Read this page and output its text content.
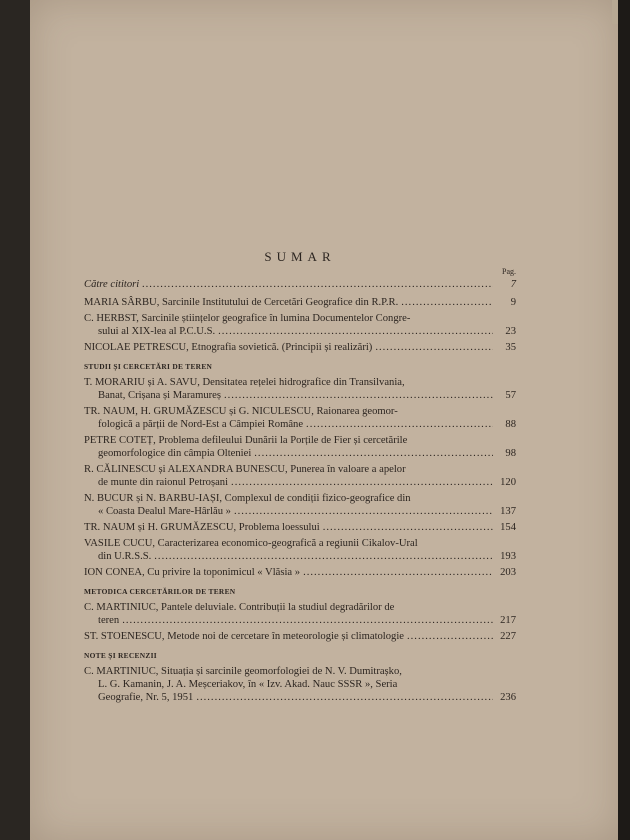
SUMAR
Pag.
Către cititori .....	7
MARIA SÂRBU, Sarcinile Institutului de Cercetări Geografice din R.P.R. .....	9
C. HERBST, Sarcinile științelor geografice în lumina Documentelor Congre-
sului al XIX-lea al P.C.U.S. .....	23
NICOLAE PETRESCU, Etnografia sovietică. (Principii și realizări) .....	35
STUDII ȘI CERCETĂRI DE TEREN
T. MORARIU și A. SAVU, Densitatea rețelei hidrografice din Transilvania,
Banat, Crișana și Maramureș .....	57
TR. NAUM, H. GRUMĂZESCU și G. NICULESCU, Raionarea geomor-
fologică a părții de Nord-Est a Câmpiei Române .....	88
PETRE COTEȚ, Problema defileului Dunării la Porțile de Fier și cercetările
geomorfologice din câmpia Olteniei .....	98
R. CĂLINESCU și ALEXANDRA BUNESCU, Punerea în valoare a apelor
de munte din raionul Petroșani .....	120
N. BUCUR și N. BARBU-IAȘI, Complexul de condiții fizico-geografice din
« Coasta Dealul Mare-Hârlău » .....	137
TR. NAUM și H. GRUMĂZESCU, Problema loessului .....	154
VASILE CUCU, Caracterizarea economico-geografică a regiunii Cikalov-Ural
din U.R.S.S. .....	193
ION CONEA, Cu privire la toponimicul « Vlăsia » .....	203
METODICA CERCETĂRILOR DE TEREN
C. MARTINIUC, Pantele deluviale. Contribuții la studiul degradărilor de
teren .....	217
ST. STOENESCU, Metode noi de cercetare în meteorologie și climatologie .....	227
NOTE ȘI RECENZII
C. MARTINIUC, Situația și sarcinile geomorfologiei de N. V. Dumitrașko,
L. G. Kamanin, J. A. Meșceriakov, în « Izv. Akad. Nauc SSSR », Seria
Geografie, Nr. 5, 1951 .....	236
